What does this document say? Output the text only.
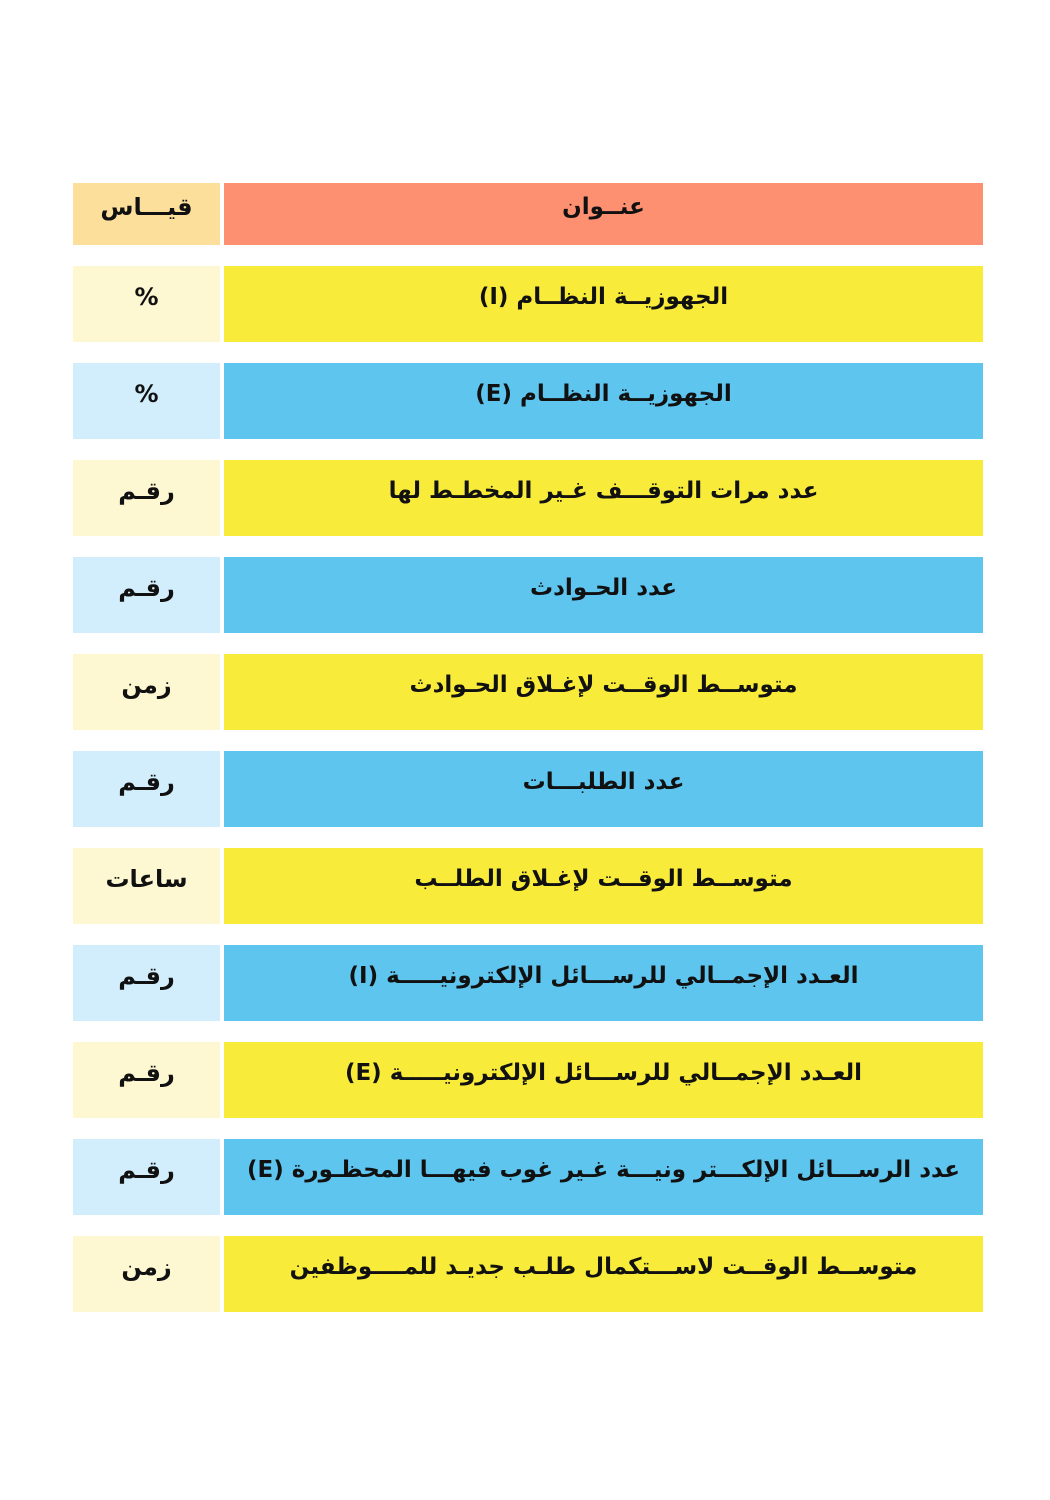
قيـــاس	عنــوان
%	الجهوزيــة النظــام (I)
%	الجهوزيــة النظــام (E)
رقـم	عدد مرات التوقـــف غـير المخطـط لها
رقـم	عدد الحـوادث
زمن	متوســط الوقــت لإغـلاق الحـوادث
رقـم	عدد الطلبـــات
ساعات	متوســط الوقــت لإغـلاق الطلــب
رقـم	العـدد الإجمــالي للرســـائل الإلكترونيـــــة (I)
رقـم	العـدد الإجمــالي للرســـائل الإلكترونيـــــة (E)
رقـم	عدد الرســـائل الإلكـــتر ونيـــة غـير غوب فيهـــا المحظـورة (E)
زمن	متوســط الوقــت لاســـتكمال طلـب جديـد للمــــوظفين
